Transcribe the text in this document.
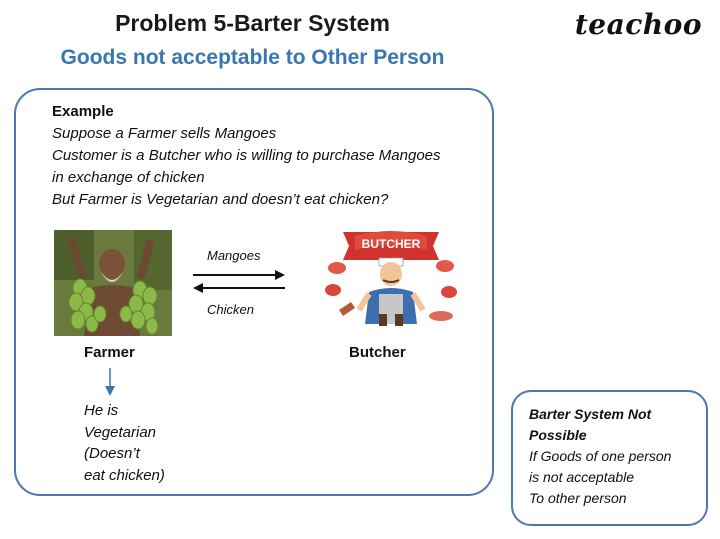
Problem 5-Barter System
Goods not acceptable to Other Person
teachoo
Example
Suppose a Farmer sells Mangoes
Customer is a Butcher who is willing to purchase Mangoes
in exchange of chicken
But Farmer is Vegetarian and doesn’t eat chicken?
Mangoes
Chicken
BUTCHER
Farmer	Butcher
He is
Vegetarian
(Doesn’t
eat chicken)
Barter System Not
Possible
If Goods of one person
is not acceptable
To other person
